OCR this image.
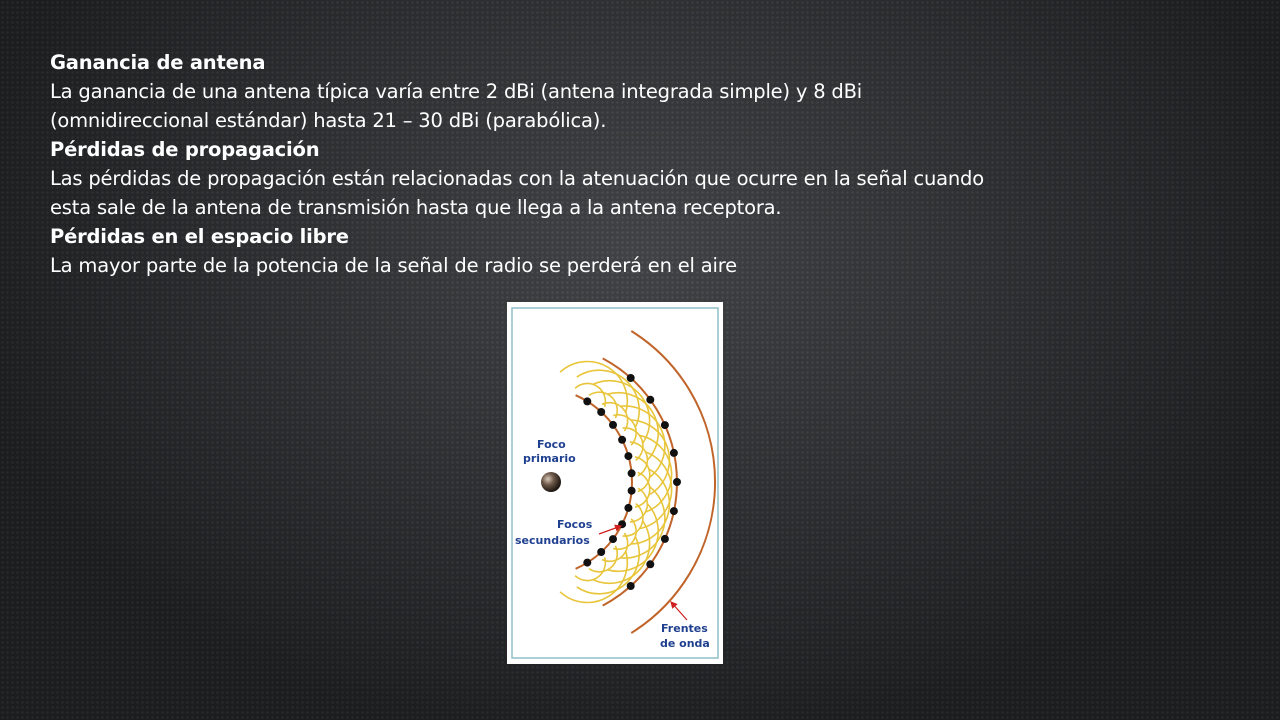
Ganancia de antena

La ganancia de una antena típica varía entre 2 dBi (antena integrada simple) y 8 dBi

(omnidireccional estándar) hasta 21 – 30 dBi (parabólica).

Pérdidas de propagación

Las pérdidas de propagación están relacionadas con la atenuación que ocurre en la señal cuando

esta sale de la antena de transmisión hasta que llega a la antena receptora.

Pérdidas en el espacio libre

La mayor parte de la potencia de la señal de radio se perderá en el aire

Foco
primario
Focos
secundarios
Frentes
de onda
